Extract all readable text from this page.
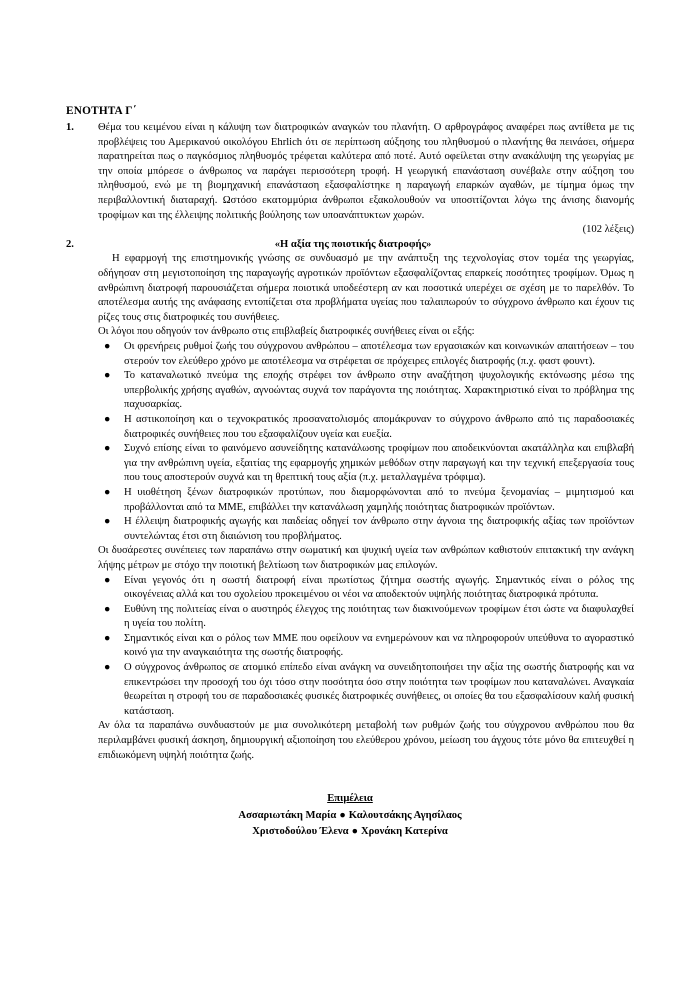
ΕΝΟΤΗΤΑ Γ΄
1. Θέμα του κειμένου είναι η κάλυψη των διατροφικών αναγκών του πλανήτη. Ο αρθρογράφος αναφέρει πως αντίθετα με τις προβλέψεις του Αμερικανού οικολόγου Ehrlich ότι σε περίπτωση αύξησης του πληθυσμού ο πλανήτης θα πεινάσει, σήμερα παρατηρείται πως ο παγκόσμιος πληθυσμός τρέφεται καλύτερα από ποτέ. Αυτό οφείλεται στην ανακάλυψη της γεωργίας με την οποία μπόρεσε ο άνθρωπος να παράγει περισσότερη τροφή. Η γεωργική επανάσταση συνέβαλε στην αύξηση του πληθυσμού, ενώ με τη βιομηχανική επανάσταση εξασφαλίστηκε η παραγωγή επαρκών αγαθών, με τίμημα όμως την περιβαλλοντική διαταραχή. Ωστόσο εκατομμύρια άνθρωποι εξακολουθούν να υποσιτίζονται λόγω της άνισης διανομής τροφίμων και της έλλειψης πολιτικής βούλησης των υποανάπτυκτων χωρών.

(102 λέξεις)

2.	«Η αξία της ποιοτικής διατροφής»

Η εφαρμογή της επιστημονικής γνώσης σε συνδυασμό με την ανάπτυξη της τεχνολογίας στον τομέα της γεωργίας, οδήγησαν στη μεγιστοποίηση της παραγωγής αγροτικών προϊόντων εξασφαλίζοντας επαρκείς ποσότητες τροφίμων. Όμως η ανθρώπινη διατροφή παρουσιάζεται σήμερα ποιοτικά υποδεέστερη αν και ποσοτικά υπερέχει σε σχέση με το παρελθόν. Το αποτέλεσμα αυτής της ανάφασης εντοπίζεται στα προβλήματα υγείας που ταλαιπωρούν το σύγχρονο άνθρωπο και έχουν τις ρίζες τους στις διατροφικές του συνήθειες.

Οι λόγοι που οδηγούν τον άνθρωπο στις επιβλαβείς διατροφικές συνήθειες είναι οι εξής:

● Οι φρενήρεις ρυθμοί ζωής του σύγχρονου ανθρώπου – αποτέλεσμα των εργασιακών και κοινωνικών απαιτήσεων – του στερούν τον ελεύθερο χρόνο με αποτέλεσμα να στρέφεται σε πρόχειρες επιλογές διατροφής (π.χ. φαστ φουντ).
● Το καταναλωτικό πνεύμα της εποχής στρέφει τον άνθρωπο στην αναζήτηση ψυχολογικής εκτόνωσης μέσω της υπερβολικής χρήσης αγαθών, αγνοώντας συχνά τον παράγοντα της ποιότητας. Χαρακτηριστικό είναι το πρόβλημα της παχυσαρκίας.
● Η αστικοποίηση και ο τεχνοκρατικός προσανατολισμός απομάκρυναν το σύγχρονο άνθρωπο από τις παραδοσιακές διατροφικές συνήθειες που του εξασφαλίζουν υγεία και ευεξία.
● Συχνό επίσης είναι το φαινόμενο ασυνείδητης κατανάλωσης τροφίμων που αποδεικνύονται ακατάλληλα και επιβλαβή για την ανθρώπινη υγεία, εξαιτίας της εφαρμογής χημικών μεθόδων στην παραγωγή και την τεχνική επεξεργασία τους που τους αποστερούν συχνά και τη θρεπτική τους αξία (π.χ. μεταλλαγμένα τρόφιμα).
● Η υιοθέτηση ξένων διατροφικών προτύπων, που διαμορφώνονται από το πνεύμα ξενομανίας – μιμητισμού και προβάλλονται από τα ΜΜΕ, επιβάλλει την κατανάλωση χαμηλής ποιότητας διατροφικών προϊόντων.
● Η έλλειψη διατροφικής αγωγής και παιδείας οδηγεί τον άνθρωπο στην άγνοια της διατροφικής αξίας των προϊόντων συντελώντας έτσι στη διαιώνιση του προβλήματος.

Οι δυσάρεστες συνέπειες των παραπάνω στην σωματική και ψυχική υγεία των ανθρώπων καθιστούν επιτακτική την ανάγκη λήψης μέτρων με στόχο την ποιοτική βελτίωση των διατροφικών μας επιλογών.

● Είναι γεγονός ότι η σωστή διατροφή είναι πρωτίστως ζήτημα σωστής αγωγής. Σημαντικός είναι ο ρόλος της οικογένειας αλλά και του σχολείου προκειμένου οι νέοι να αποδεκτούν υψηλής ποιότητας διατροφικά πρότυπα.
● Ευθύνη της πολιτείας είναι ο αυστηρός έλεγχος της ποιότητας των διακινούμενων τροφίμων έτσι ώστε να διαφυλαχθεί η υγεία του πολίτη.
● Σημαντικός είναι και ο ρόλος των ΜΜΕ που οφείλουν να ενημερώνουν και να πληροφορούν υπεύθυνα το αγοραστικό κοινό για την αναγκαιότητα της σωστής διατροφής.
● Ο σύγχρονος άνθρωπος σε ατομικό επίπεδο είναι ανάγκη να συνειδητοποιήσει την αξία της σωστής διατροφής και να επικεντρώσει την προσοχή του όχι τόσο στην ποσότητα όσο στην ποιότητα των τροφίμων που καταναλώνει. Αναγκαία θεωρείται η στροφή του σε παραδοσιακές φυσικές διατροφικές συνήθειες, οι οποίες θα του εξασφαλίσουν καλή φυσική κατάσταση.

Αν όλα τα παραπάνω συνδυαστούν με μια συνολικότερη μεταβολή των ρυθμών ζωής του σύγχρονου ανθρώπου που θα περιλαμβάνει φυσική άσκηση, δημιουργική αξιοποίηση του ελεύθερου χρόνου, μείωση του άγχους τότε μόνο θα επιτευχθεί η επιδιωκόμενη υψηλή ποιότητα ζωής.

Επιμέλεια
Ασσαριωτάκη Μαρία ● Καλουτσάκης Αγησίλαος
Χριστοδούλου Έλενα ● Χρονάκη Κατερίνα
